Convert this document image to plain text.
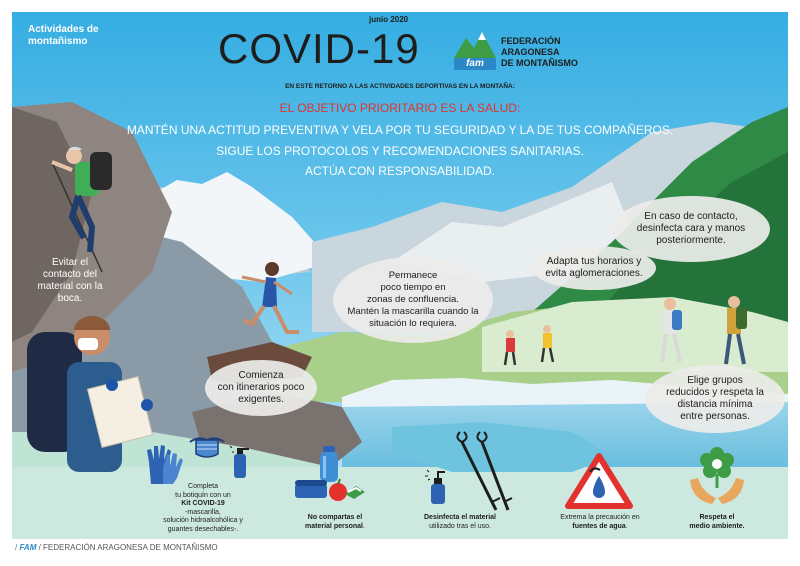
Actividades de
montañismo
junio 2020
COVID-19	fam
FEDERACIÓN
ARAGONESA
DE MONTAÑISMO
EN ESTE RETORNO A LAS ACTIVIDADES DEPORTIVAS EN LA MONTAÑA:
EL OBJETIVO PRIORITARIO ES LA SALUD:
MANTÉN UNA ACTITUD PREVENTIVA Y VELA POR TU SEGURIDAD Y LA DE TUS COMPAÑEROS.
SIGUE LOS PROTOCOLOS Y RECOMENDACIONES SANITARIAS.
ACTÚA CON RESPONSABILIDAD.
Evitar el
contacto del
material con la
boca.
Permanece
poco tiempo en
zonas de confluencia.
Mantén la mascarilla cuando la
situación lo requiera.
En caso de contacto,
desinfecta cara y manos
posteriormente.
Adapta tus horarios y
evita aglomeraciones.
Comienza
con itinerarios poco
exigentes.
Elige grupos
reducidos y respeta la
distancia mínima
entre personas.
Completa
tu botiquín con un
Kit COVID-19
-mascarilla,
solución hidroalcohólica y
guantes desechables-.
No compartas el
material personal.
Desinfecta el material
utilizado tras el uso.
Extrema la precaución en
fuentes de agua.
Respeta el
medio ambiente.
/ FAM / FEDERACIÓN ARAGONESA DE MONTAÑISMO
